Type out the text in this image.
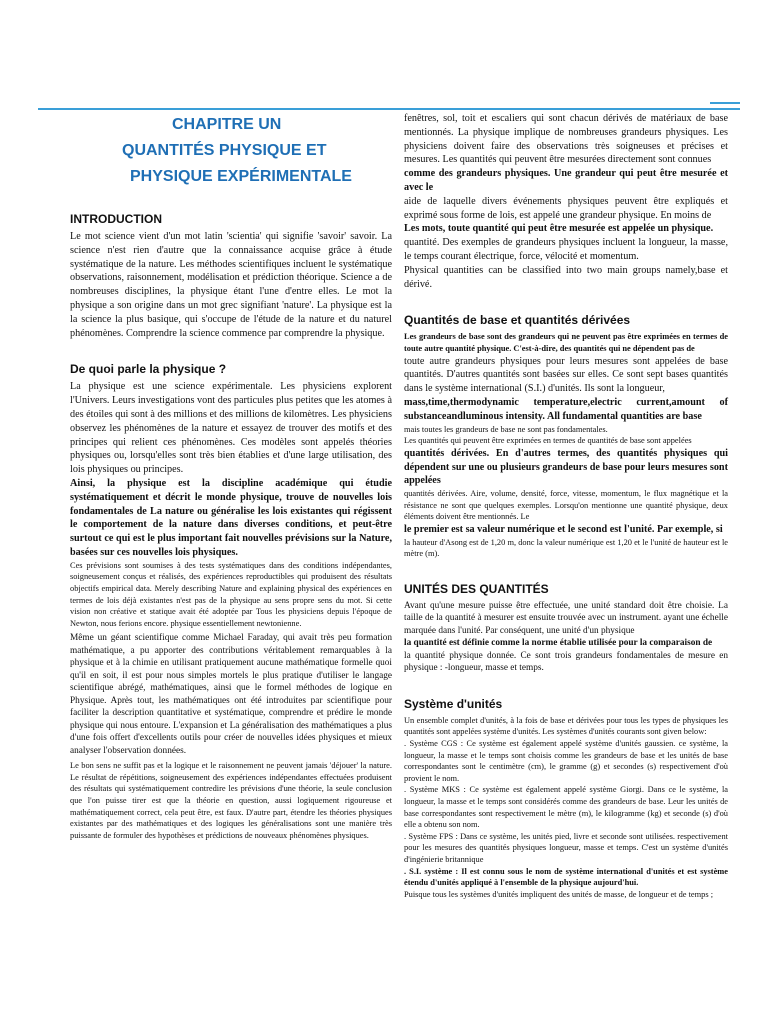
CHAPITRE UN

QUANTITÉS PHYSIQUE ET

PHYSIQUE EXPÉRIMENTALE

INTRODUCTION

Le mot science vient d'un mot latin 'scientia' qui signifie 'savoir' savoir. La science n'est rien d'autre que la connaissance acquise grâce à étude systématique de la nature. Les méthodes scientifiques incluent le systématique observations, raisonnement, modélisation et prédiction théorique. Science a de nombreuses disciplines, la physique étant l'une d'entre elles. Le mot la physique a son origine dans un mot grec signifiant 'nature'. La physique est la la science la plus basique, qui s'occupe de l'étude de la nature et du naturel phénomènes. Comprendre la science commence par comprendre la physique.

De quoi parle la physique ?

La physique est une science expérimentale. Les physiciens explorent l'Univers. Leurs investigations vont des particules plus petites que les atomes à des étoiles qui sont à des millions et des millions de kilomètres. Les physiciens observez les phénomènes de la nature et essayez de trouver des motifs et des principes qui relient ces phénomènes. Ces modèles sont appelés théories physiques ou, lorsqu'elles sont très bien établies et d'une large utilisation, des lois physiques ou principes.

Ainsi, la physique est la discipline académique qui étudie systématiquement et décrit le monde physique, trouve de nouvelles lois fondamentales de La nature ou généralise les lois existantes qui régissent le comportement de la nature dans diverses conditions, et peut-être surtout ce qui est le plus important fait nouvelles prévisions sur la Nature, basées sur ces nouvelles lois physiques.

Ces prévisions sont soumises à des tests systématiques dans des conditions indépendantes, soigneusement conçus et réalisés, des expériences reproductibles qui produisent des résultats objectifs empirical data. Merely describing Nature and explaining physical des expériences en termes de lois déjà existantes n'est pas de la physique au sens propre sens du mot. Si cette vision non créative et statique avait été adoptée par Tous les physiciens depuis l'époque de Newton, nous ferions encore. physique essentiellement newtonienne.

Même un géant scientifique comme Michael Faraday, qui avait très peu formation mathématique, a pu apporter des contributions véritablement remarquables à la physique et à la chimie en utilisant pratiquement aucune mathématique formelle quoi qu'il en soit, il est pour nous simples mortels le plus pratique d'utiliser le langage scientifique abrégé, mathématiques, ainsi que le formel méthodes de logique en Physique. Après tout, les mathématiques ont été introduites par scientifique pour faciliter la description quantitative et systématique, comprendre et prédire le monde physique qui nous entoure. L'expansion et La généralisation des mathématiques a plus d'une fois offert d'excellents outils pour créer de nouvelles idées physiques et mieux analyser l'observation données.

Le bon sens ne suffit pas et la logique et le raisonnement ne peuvent jamais 'déjouer' la nature. Le résultat de répétitions, soigneusement des expériences indépendantes effectuées produisent des résultats qui systématiquement contredire les prévisions d'une théorie, la seule conclusion que l'on puisse tirer est que la théorie en question, aussi logiquement rigoureuse et mathématiquement correct, cela peut être, est faux. D'autre part, étendre les théories physiques existantes par des mathématiques et des logiques les généralisations sont une manière très puissante de formuler des hypothèses et prédictions de nouveaux phénomènes physiques.

fenêtres, sol, toit et escaliers qui sont chacun dérivés de matériaux de base mentionnés. La physique implique de nombreuses grandeurs physiques. Les physiciens doivent faire des observations très soigneuses et précises et mesures. Les quantités qui peuvent être mesurées directement sont connues

comme des grandeurs physiques. Une grandeur qui peut être mesurée et avec le

aide de laquelle divers événements physiques peuvent être expliqués et exprimé sous forme de lois, est appelé une grandeur physique. En moins de

Les mots, toute quantité qui peut être mesurée est appelée un physique.

quantité. Des exemples de grandeurs physiques incluent la longueur, la masse, le temps courant électrique, force, vélocité et momentum.

Physical quantities can be classified into two main groups namely,base et dérivé.

Quantités de base et quantités dérivées

Les grandeurs de base sont des grandeurs qui ne peuvent pas être exprimées en termes de toute autre quantité physique. C'est-à-dire, des quantités qui ne dépendent pas de

toute autre grandeurs physiques pour leurs mesures sont appelées de base quantités. D'autres quantités sont basées sur elles. Ce sont sept bases quantités dans le système international (S.I.) d'unités. Ils sont la longueur,

mass,time,thermodynamic temperature,electric current,amount of substanceandluminous intensity. All fundamental quantities are base

mais toutes les grandeurs de base ne sont pas fondamentales.

Les quantités qui peuvent être exprimées en termes de quantités de base sont appelées

quantités dérivées. En d'autres termes, des quantités physiques qui dépendent sur une ou plusieurs grandeurs de base pour leurs mesures sont appelées

quantités dérivées. Aire, volume, densité, force, vitesse, momentum, le flux magnétique et la résistance ne sont que quelques exemples. Lorsqu'on mentionne une quantité physique, deux éléments doivent être mentionnés. Le

le premier est sa valeur numérique et le second est l'unité. Par exemple, si

la hauteur d'Asong est de 1,20 m, donc la valeur numérique est 1,20 et le l'unité de hauteur est le mètre (m).

UNITÉS DES QUANTITÉS

Avant qu'une mesure puisse être effectuée, une unité standard doit être choisie. La taille de la quantité à mesurer est ensuite trouvée avec un instrument. ayant une échelle marquée dans l'unité. Par conséquent, une unité d'un physique

la quantité est définie comme la norme établie utilisée pour la comparaison de

la quantité physique donnée. Ce sont trois grandeurs fondamentales de mesure en physique : -longueur, masse et temps.

Système d'unités

Un ensemble complet d'unités, à la fois de base et dérivées pour tous les types de physiques les quantités sont appelées système d'unités. Les systèmes d'unités courants sont given below:

. Système CGS : Ce système est également appelé système d'unités gaussien. ce système, la longueur, la masse et le temps sont choisis comme les grandeurs de base et les unités de base correspondantes sont le centimètre (cm), le gramme (g) et secondes (s) respectivement d'où provient le nom.

. Système MKS : Ce système est également appelé système Giorgi. Dans ce le système, la longueur, la masse et le temps sont considérés comme des grandeurs de base. Leur les unités de base correspondantes sont respectivement le mètre (m), le kilogramme (kg) et seconde (s) d'où elle a obtenu son nom.

. Système FPS : Dans ce système, les unités pied, livre et seconde sont utilisées. respectivement pour les mesures des quantités physiques longueur, masse et temps. C'est un système d'unités d'ingénierie britannique

. S.I. système : Il est connu sous le nom de système international d'unités et est système étendu d'unités appliqué à l'ensemble de la physique aujourd'hui.

Puisque tous les systèmes d'unités impliquent des unités de masse, de longueur et de temps ;
